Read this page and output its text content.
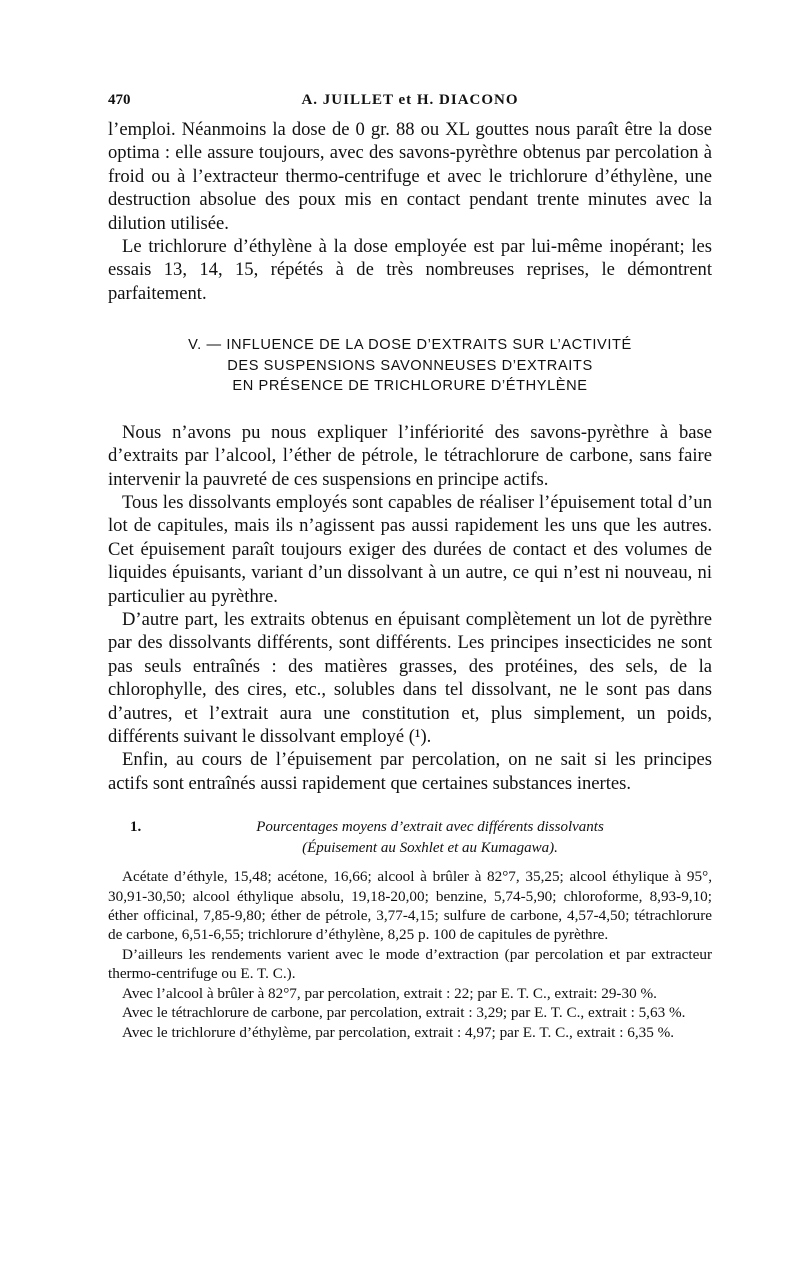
470	A. JUILLET et H. DIACONO

l’emploi. Néanmoins la dose de 0 gr. 88 ou XL gouttes nous paraît être la dose optima : elle assure toujours, avec des savons-pyrèthre obtenus par percolation à froid ou à l’extracteur thermo-centrifuge et avec le trichlorure d’éthylène, une destruction absolue des poux mis en contact pendant trente minutes avec la dilution utilisée.

Le trichlorure d’éthylène à la dose employée est par lui-même inopérant; les essais 13, 14, 15, répétés à de très nombreuses reprises, le démontrent parfaitement.

V. — INFLUENCE DE LA DOSE D’EXTRAITS SUR L’ACTIVITÉ
DES SUSPENSIONS SAVONNEUSES D’EXTRAITS
EN PRÉSENCE DE TRICHLORURE D’ÉTHYLÈNE

Nous n’avons pu nous expliquer l’infériorité des savons-pyrèthre à base d’extraits par l’alcool, l’éther de pétrole, le tétrachlorure de carbone, sans faire intervenir la pauvreté de ces suspensions en principe actifs.

Tous les dissolvants employés sont capables de réaliser l’épuisement total d’un lot de capitules, mais ils n’agissent pas aussi rapidement les uns que les autres. Cet épuisement paraît toujours exiger des durées de contact et des volumes de liquides épuisants, variant d’un dissolvant à un autre, ce qui n’est ni nouveau, ni particulier au pyrèthre.

D’autre part, les extraits obtenus en épuisant complètement un lot de pyrèthre par des dissolvants différents, sont différents. Les principes insecticides ne sont pas seuls entraînés : des matières grasses, des protéines, des sels, de la chlorophylle, des cires, etc., solubles dans tel dissolvant, ne le sont pas dans d’autres, et l’extrait aura une constitution et, plus simplement, un poids, différents suivant le dissolvant employé (¹).

Enfin, au cours de l’épuisement par percolation, on ne sait si les principes actifs sont entraînés aussi rapidement que certaines substances inertes.

1.	Pourcentages moyens d’extrait avec différents dissolvants
(Épuisement au Soxhlet et au Kumagawa).

Acétate d’éthyle, 15,48; acétone, 16,66; alcool à brûler à 82°7, 35,25; alcool éthylique à 95°, 30,91-30,50; alcool éthylique absolu, 19,18-20,00; benzine, 5,74-5,90; chloroforme, 8,93-9,10; éther officinal, 7,85-9,80; éther de pétrole, 3,77-4,15; sulfure de carbone, 4,57-4,50; tétrachlorure de carbone, 6,51-6,55; trichlorure d’éthylène, 8,25 p. 100 de capitules de pyrèthre.

D’ailleurs les rendements varient avec le mode d’extraction (par percolation et par extracteur thermo-centrifuge ou E. T. C.).

Avec l’alcool à brûler à 82°7, par percolation, extrait : 22; par E. T. C., extrait: 29-30 %.

Avec le tétrachlorure de carbone, par percolation, extrait : 3,29; par E. T. C., extrait : 5,63 %.

Avec le trichlorure d’éthylème, par percolation, extrait : 4,97; par E. T. C., extrait : 6,35 %.
